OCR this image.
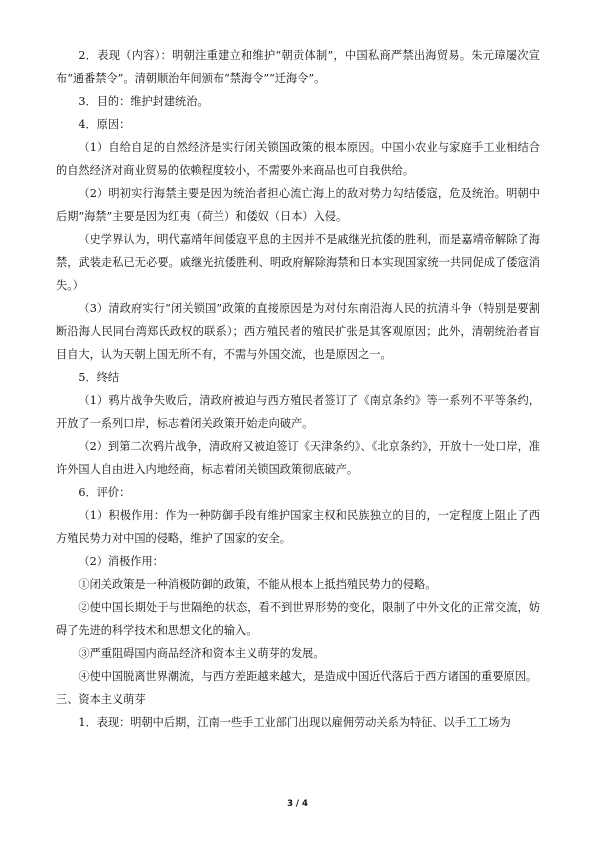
2．表现（内容）：明朝注重建立和维护“朝贡体制”，中国私商严禁出海贸易。朱元璋屡次宣布“通番禁令”。清朝顺治年间颁布“禁海令”“迁海令”。

3．目的：维护封建统治。

4．原因：

（1）自给自足的自然经济是实行闭关锁国政策的根本原因。中国小农业与家庭手工业相结合的自然经济对商业贸易的依赖程度较小，不需要外来商品也可自我供给。

（2）明初实行海禁主要是因为统治者担心流亡海上的敌对势力勾结倭寇，危及统治。明朝中后期“海禁”主要是因为红夷（荷兰）和倭奴（日本）入侵。

（史学界认为，明代嘉靖年间倭寇平息的主因并不是戚继光抗倭的胜利，而是嘉靖帝解除了海禁，武装走私已无必要。戚继光抗倭胜利、明政府解除海禁和日本实现国家统一共同促成了倭寇消失。）

（3）清政府实行“闭关锁国”政策的直接原因是为对付东南沿海人民的抗清斗争（特别是要割断沿海人民同台湾郑氏政权的联系）；西方殖民者的殖民扩张是其客观原因；此外，清朝统治者盲目自大，认为天朝上国无所不有，不需与外国交流，也是原因之一。

5．终结

（1）鸦片战争失败后，清政府被迫与西方殖民者签订了《南京条约》等一系列不平等条约，开放了一系列口岸，标志着闭关政策开始走向破产。

（2）到第二次鸦片战争，清政府又被迫签订《天津条约》、《北京条约》，开放十一处口岸，准许外国人自由进入内地经商，标志着闭关锁国政策彻底破产。

6．评价：

（1）积极作用：作为一种防御手段有维护国家主权和民族独立的目的，一定程度上阻止了西方殖民势力对中国的侵略，维护了国家的安全。

（2）消极作用：

①闭关政策是一种消极防御的政策，不能从根本上抵挡殖民势力的侵略。

②使中国长期处于与世隔绝的状态，看不到世界形势的变化，限制了中外文化的正常交流，妨碍了先进的科学技术和思想文化的输入。

③严重阻碍国内商品经济和资本主义萌芽的发展。

④使中国脱离世界潮流，与西方差距越来越大，是造成中国近代落后于西方诸国的重要原因。

三、资本主义萌芽

1．表现：明朝中后期，江南一些手工业部门出现以雇佣劳动关系为特征、以手工工场为

3 / 4
